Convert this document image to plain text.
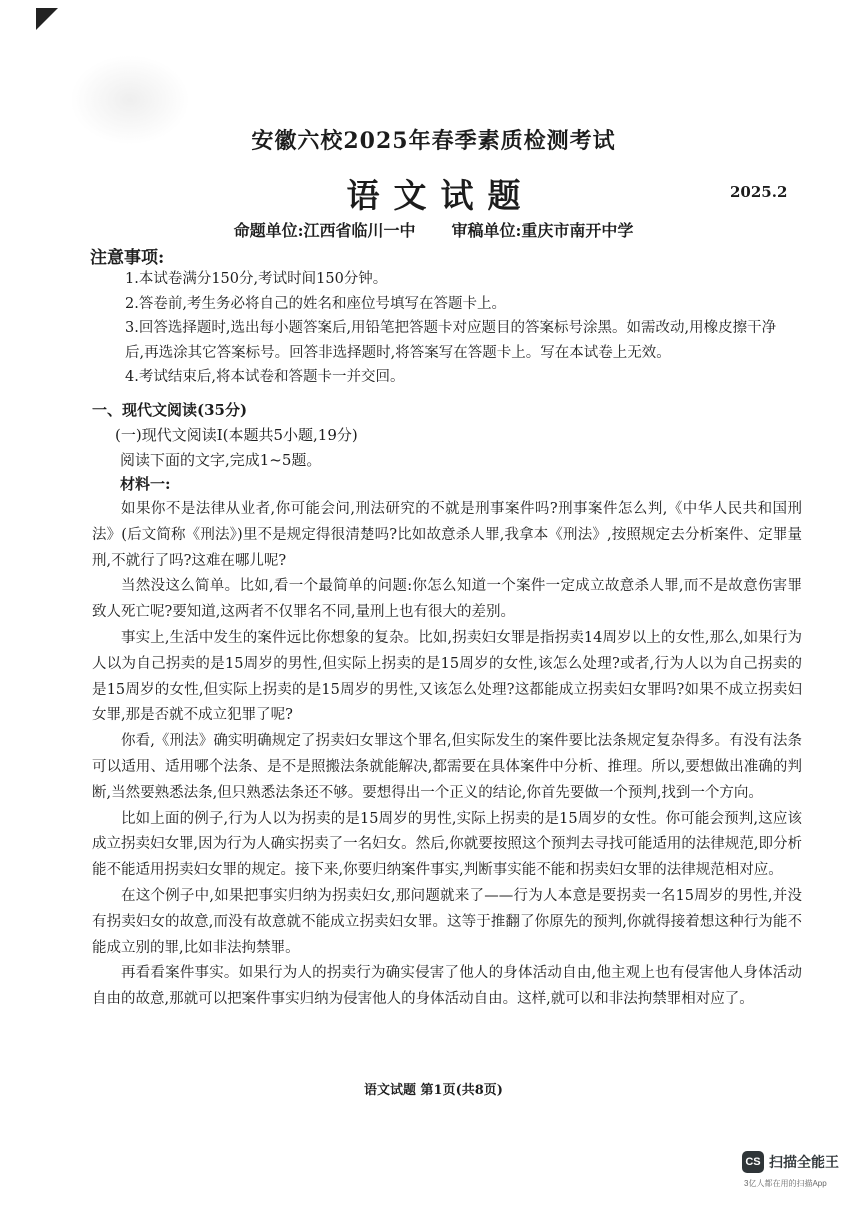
安徽六校2025年春季素质检测考试
语文试题	2025.2
命题单位:江西省临川一中 审稿单位:重庆市南开中学
注意事项:
1.本试卷满分150分,考试时间150分钟。
2.答卷前,考生务必将自己的姓名和座位号填写在答题卡上。
3.回答选择题时,选出每小题答案后,用铅笔把答题卡对应题目的答案标号涂黑。如需改动,用橡皮擦干净后,再选涂其它答案标号。回答非选择题时,将答案写在答题卡上。写在本试卷上无效。
4.考试结束后,将本试卷和答题卡一并交回。
一、现代文阅读(35分)
(一)现代文阅读Ⅰ(本题共5小题,19分)
阅读下面的文字,完成1~5题。
材料一:

如果你不是法律从业者,你可能会问,刑法研究的不就是刑事案件吗?刑事案件怎么判,《中华人民共和国刑法》(后文简称《刑法》)里不是规定得很清楚吗?比如故意杀人罪,我拿本《刑法》,按照规定去分析案件、定罪量刑,不就行了吗?这难在哪儿呢?

当然没这么简单。比如,看一个最简单的问题:你怎么知道一个案件一定成立故意杀人罪,而不是故意伤害罪致人死亡呢?要知道,这两者不仅罪名不同,量刑上也有很大的差别。

事实上,生活中发生的案件远比你想象的复杂。比如,拐卖妇女罪是指拐卖14周岁以上的女性,那么,如果行为人以为自己拐卖的是15周岁的男性,但实际上拐卖的是15周岁的女性,该怎么处理?或者,行为人以为自己拐卖的是15周岁的女性,但实际上拐卖的是15周岁的男性,又该怎么处理?这都能成立拐卖妇女罪吗?如果不成立拐卖妇女罪,那是否就不成立犯罪了呢?

你看,《刑法》确实明确规定了拐卖妇女罪这个罪名,但实际发生的案件要比法条规定复杂得多。有没有法条可以适用、适用哪个法条、是不是照搬法条就能解决,都需要在具体案件中分析、推理。所以,要想做出准确的判断,当然要熟悉法条,但只熟悉法条还不够。要想得出一个正义的结论,你首先要做一个预判,找到一个方向。

比如上面的例子,行为人以为拐卖的是15周岁的男性,实际上拐卖的是15周岁的女性。你可能会预判,这应该成立拐卖妇女罪,因为行为人确实拐卖了一名妇女。然后,你就要按照这个预判去寻找可能适用的法律规范,即分析能不能适用拐卖妇女罪的规定。接下来,你要归纳案件事实,判断事实能不能和拐卖妇女罪的法律规范相对应。

在这个例子中,如果把事实归纳为拐卖妇女,那问题就来了——行为人本意是要拐卖一名15周岁的男性,并没有拐卖妇女的故意,而没有故意就不能成立拐卖妇女罪。这等于推翻了你原先的预判,你就得接着想这种行为能不能成立别的罪,比如非法拘禁罪。

再看看案件事实。如果行为人的拐卖行为确实侵害了他人的身体活动自由,他主观上也有侵害他人身体活动自由的故意,那就可以把案件事实归纳为侵害他人的身体活动自由。这样,就可以和非法拘禁罪相对应了。

语文试题 第1页(共8页)
CS 扫描全能王
3亿人都在用的扫描App
